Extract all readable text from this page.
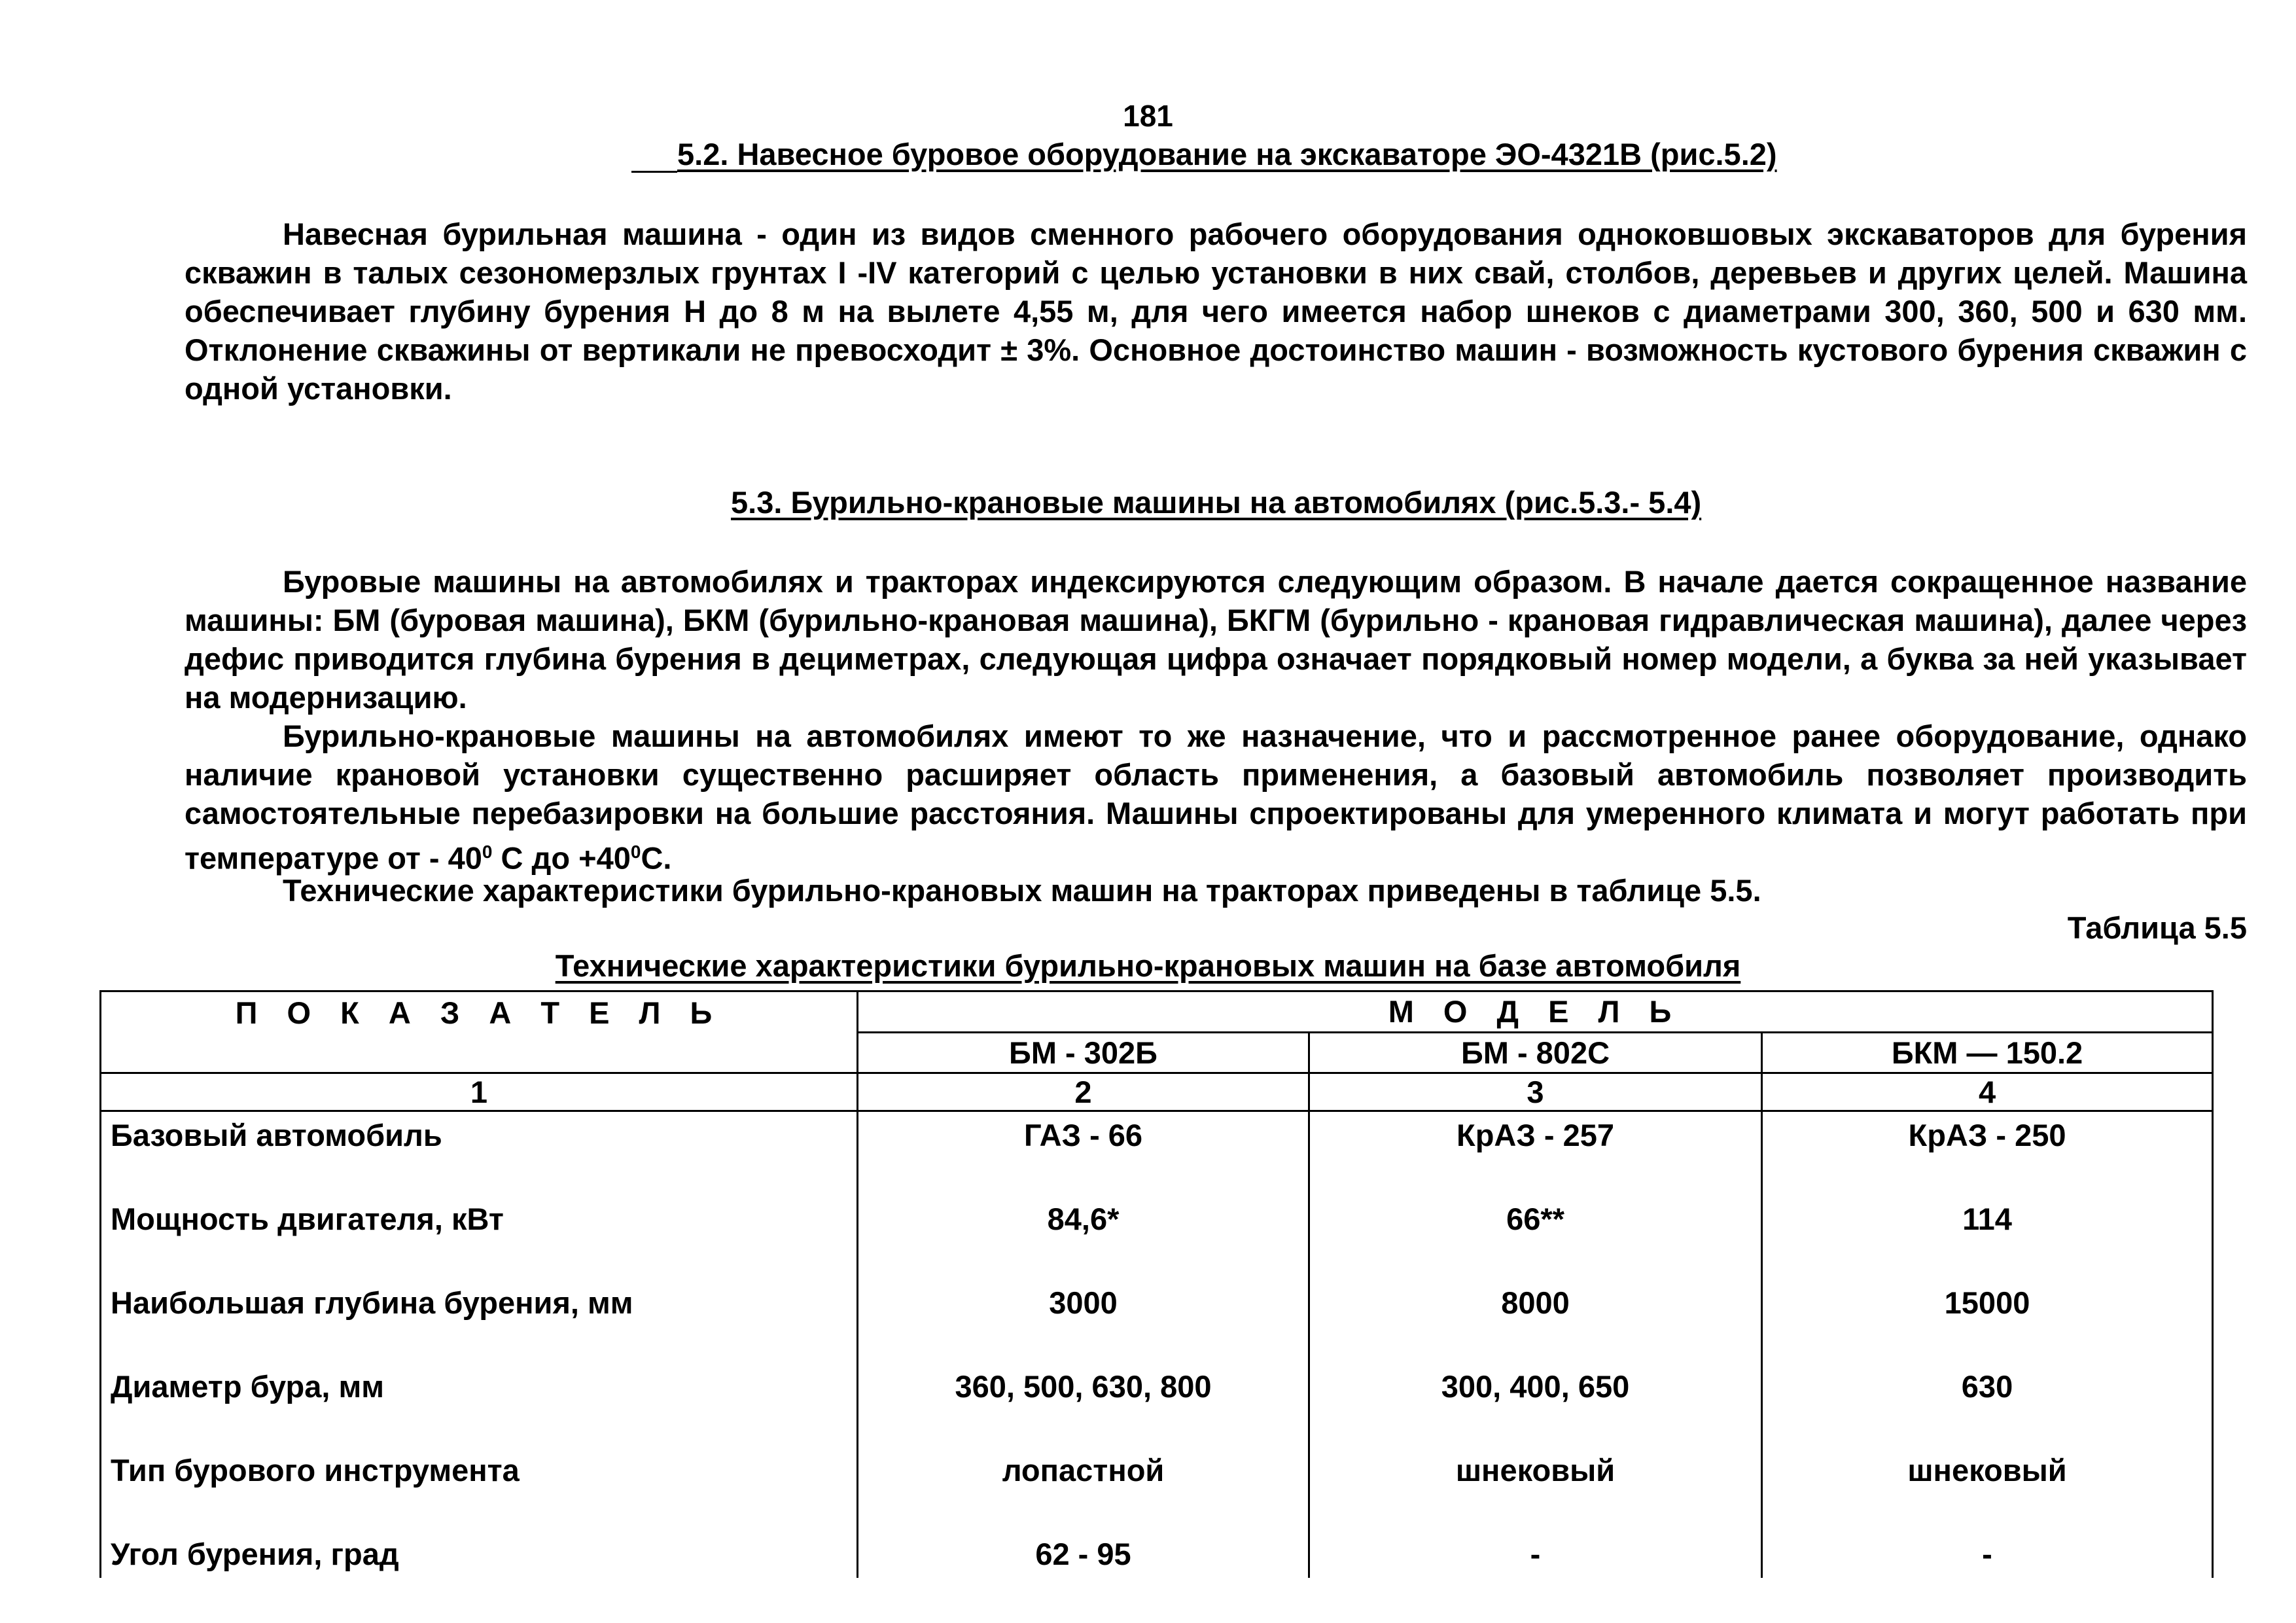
181
5.2. Навесное буровое оборудование на экскаваторе ЭО-4321В (рис.5.2)

Навесная бурильная машина - один из видов сменного рабочего оборудования одноковшовых экскаваторов для бурения скважин в талых сезономерзлых грунтах I -IV категорий с целью установки в них свай, столбов, деревьев и других целей. Машина обеспечивает глубину бурения Н до 8 м на вылете 4,55 м, для чего имеется набор шнеков с диаметрами 300, 360, 500 и 630 мм. Отклонение скважины от вертикали не превосходит ± 3%. Основное достоинство машин - возможность кустового бурения скважин с одной установки.

5.3. Бурильно-крановые машины на автомобилях (рис.5.3.- 5.4)

Буровые машины на автомобилях и тракторах индексируются следующим образом. В начале дается сокращенное название машины: БМ (буровая машина), БКМ (бурильно-крановая машина), БКГМ (бурильно - крановая гидравлическая машина), далее через дефис приводится глубина бурения в дециметрах, следующая цифра означает порядковый номер модели, а буква за ней указывает на модернизацию.

Бурильно-крановые машины на автомобилях имеют то же назначение, что и рассмотренное ранее оборудование, однако наличие крановой установки существенно расширяет область применения, а базовый автомобиль позволяет производить самостоятельные перебазировки на большие расстояния. Машины спроектированы для умеренного климата и могут работать при температуре от - $40^0$ С до $+40^0С$.

Технические характеристики бурильно-крановых машин на тракторах приведены в таблице 5.5.

Таблица 5.5
Технические характеристики бурильно-крановых машин на базе автомобиля
П О К А З А Т Е Л Ь	М О Д Е Л Ь		
	БМ - 302Б	БМ - 802С	БКМ — 150.2
1	2	3	4
Базовый автомобиль	ГАЗ - 66	КрАЗ - 257	КрАЗ - 250
Мощность двигателя, кВт	84,6*	66**	114
Наибольшая глубина бурения, мм	3000	8000	15000
Диаметр бура, мм	360, 500, 630, 800	300, 400, 650	630
Тип бурового инструмента	лопастной	шнековый	шнековый
Угол бурения, град	62 - 95	-	-
